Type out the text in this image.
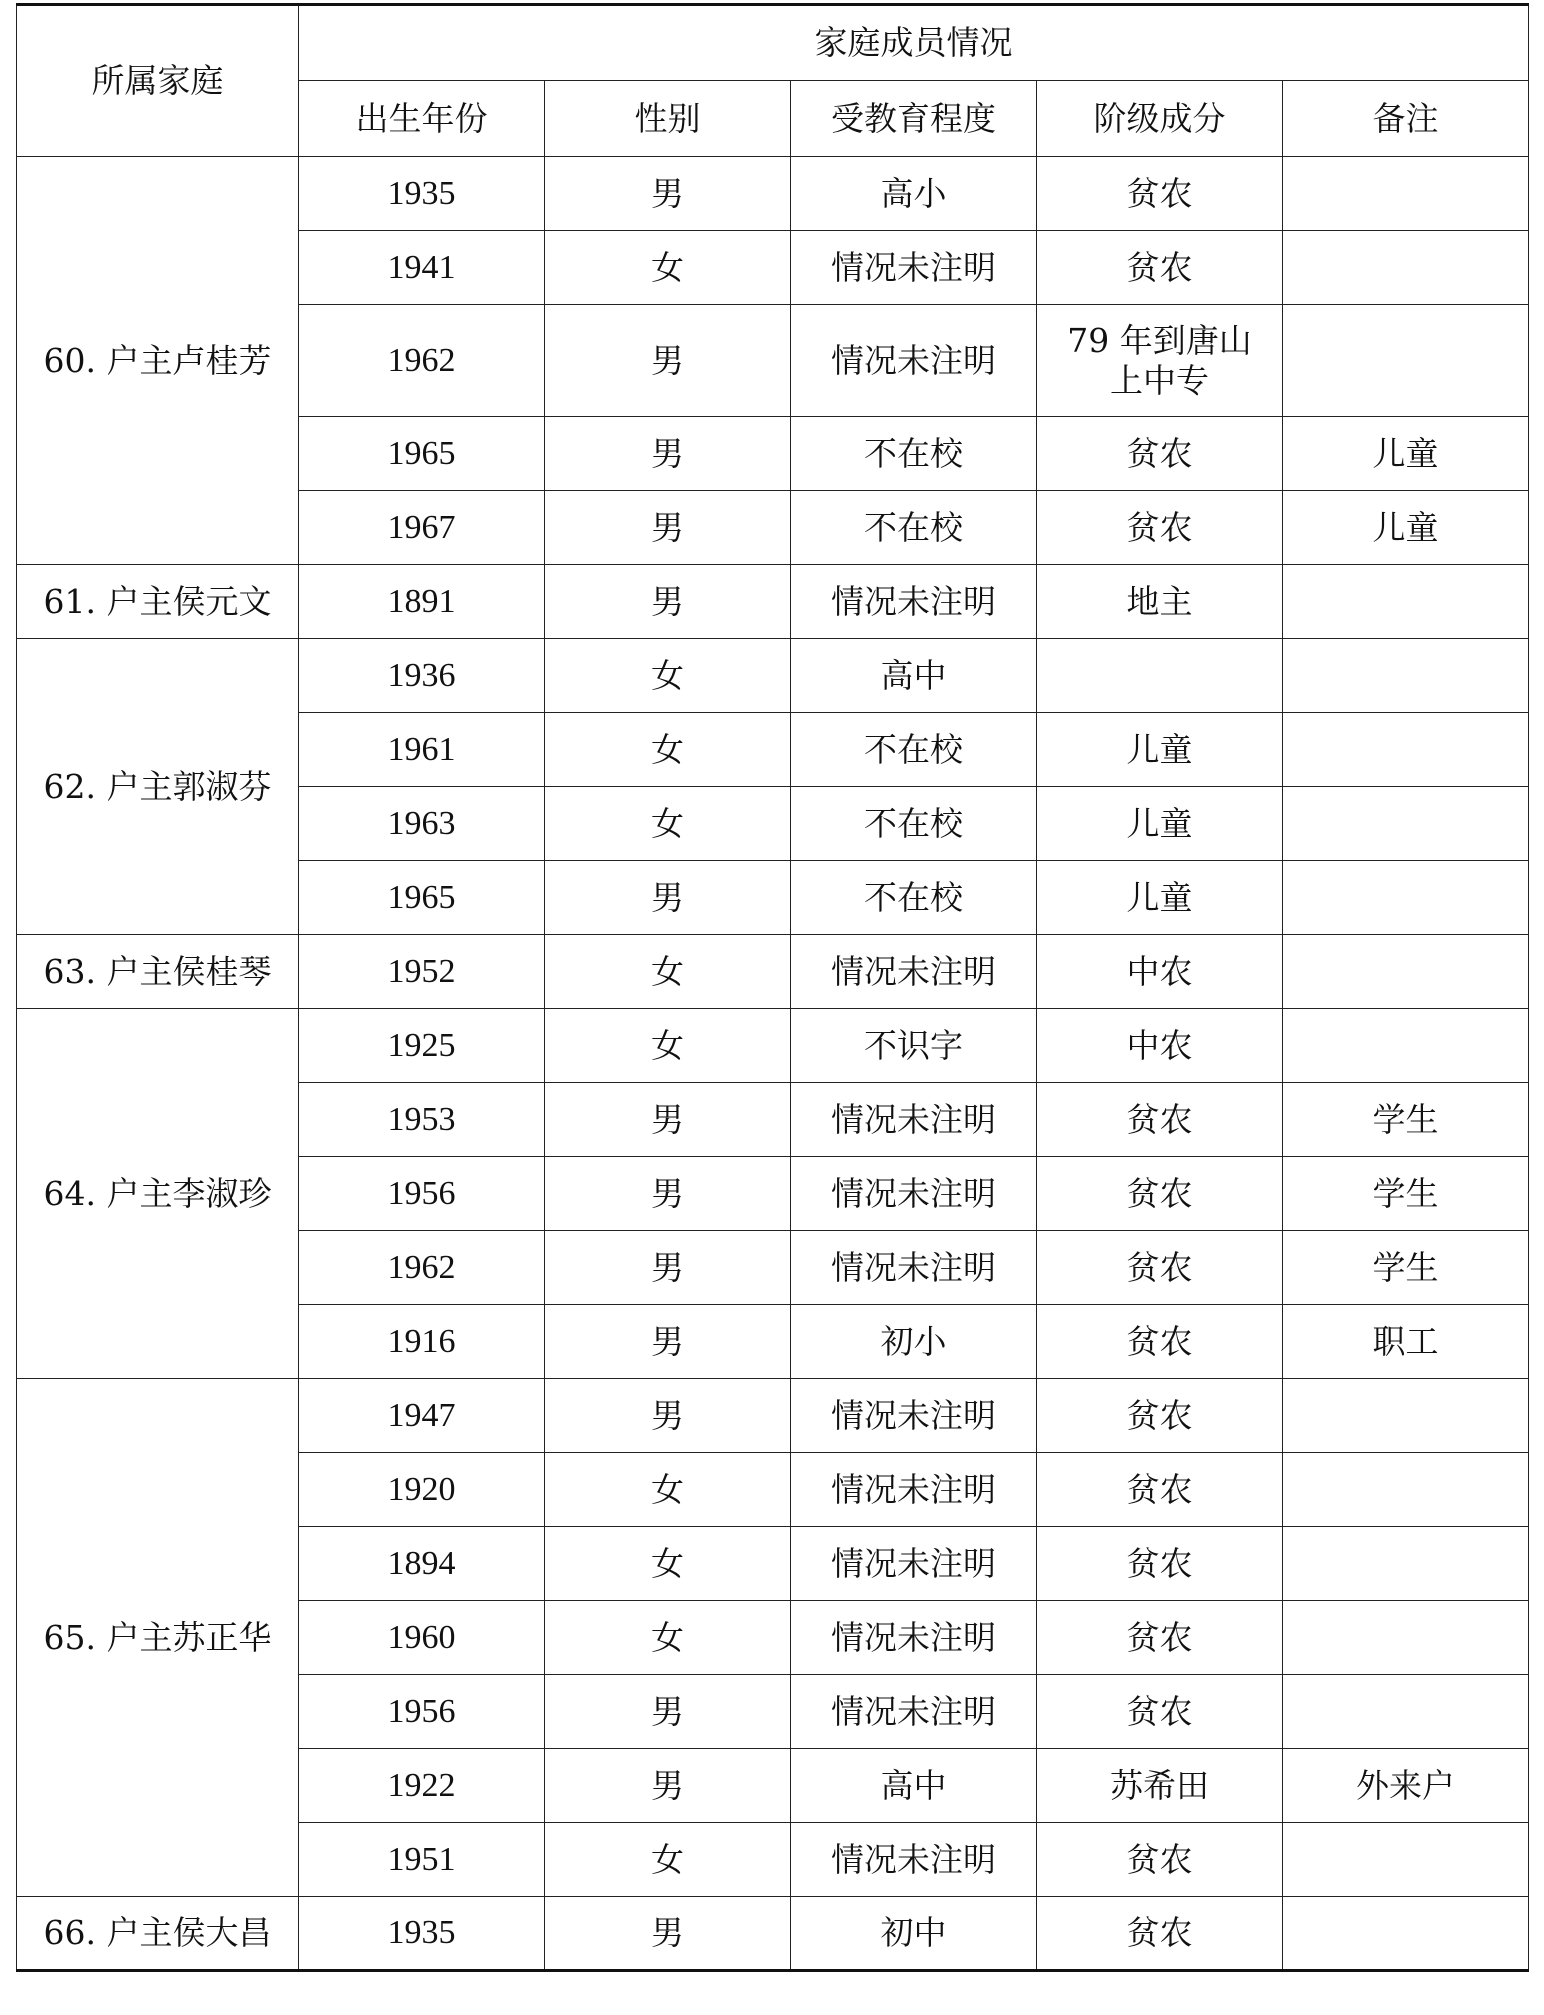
所属家庭	家庭成员情况				
	出生年份	性别	受教育程度	阶级成分	备注
60. 户主卢桂芳	1935	男	高小	贫农	
	1941	女	情况未注明	贫农	
	1962	男	情况未注明	79 年到唐山上中专	

	1965	男	不在校	贫农	儿童
	1967	男	不在校	贫农	儿童
61. 户主侯元文	1891	男	情况未注明	地主	
62. 户主郭淑芬	1936	女	高中		
	1961	女	不在校	儿童	
	1963	女	不在校	儿童	
	1965	男	不在校	儿童	
63. 户主侯桂琴	1952	女	情况未注明	中农	
64. 户主李淑珍	1925	女	不识字	中农	
	1953	男	情况未注明	贫农	学生
	1956	男	情况未注明	贫农	学生
	1962	男	情况未注明	贫农	学生
	1916	男	初小	贫农	职工
65. 户主苏正华	1947	男	情况未注明	贫农	
	1920	女	情况未注明	贫农	
	1894	女	情况未注明	贫农	
	1960	女	情况未注明	贫农	
	1956	男	情况未注明	贫农	
	1922	男	高中	苏希田	外来户
	1951	女	情况未注明	贫农	
66. 户主侯大昌	1935	男	初中	贫农	
